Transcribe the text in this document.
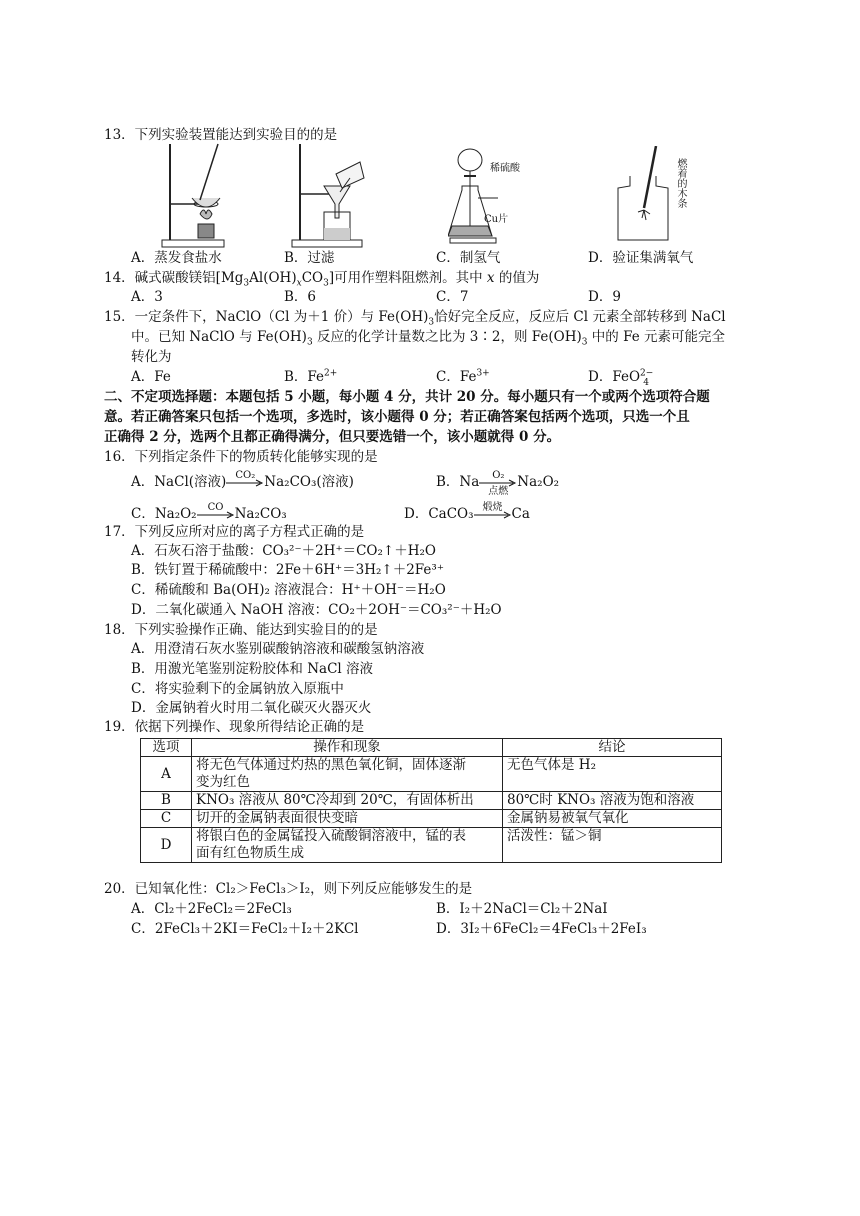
13．下列实验装置能达到实验目的的是
稀硫酸
Cu片
燃着的木条
A．蒸发食盐水	B．过滤	C．制氢气	D．验证集满氧气
14．碱式碳酸镁铝$[Mg_3Al(OH)_xCO_3]$可用作塑料阻燃剂。其中 x 的值为
A．3	B．6	C．7	D．9
15．一定条件下，NaClO（Cl 为＋1 价）与 $Fe(OH)_3$恰好完全反应，反应后 Cl 元素全部转移到 NaCl
中。已知 NaClO 与 $Fe(OH)_3$ 反应的化学计量数之比为 3∶2，则 $Fe(OH)_3$ 中的 Fe 元素可能完全
转化为
A．Fe	B．$Fe^{2+}$	C．$Fe^{3+}$	D．FeO$^{2-}_4$
二、不定项选择题：本题包括 5 小题，每小题 4 分，共计 20 分。每小题只有一个或两个选项符合题
意。若正确答案只包括一个选项，多选时，该小题得 0 分；若正确答案包括两个选项，只选一个且
正确得 2 分，选两个且都正确得满分，但只要选错一个，该小题就得 0 分。
16．下列指定条件下的物质转化能够实现的是
A．NaCl(溶液) CO₂ Na₂CO₃(溶液)	B．Na	O₂
点燃
Na₂O₂
C．Na₂O₂	CO Na₂CO₃	D．CaCO₃ 煅烧 Ca
17．下列反应所对应的离子方程式正确的是
A．石灰石溶于盐酸：CO₃²⁻＋2H⁺＝CO₂↑＋H₂O
B．铁钉置于稀硫酸中：2Fe＋6H⁺＝3H₂↑＋2Fe³⁺
C．稀硫酸和 Ba(OH)₂ 溶液混合：H⁺＋OH⁻＝H₂O
D．二氧化碳通入 NaOH 溶液：CO₂＋2OH⁻＝CO₃²⁻＋H₂O
18．下列实验操作正确、能达到实验目的的是
A．用澄清石灰水鉴别碳酸钠溶液和碳酸氢钠溶液
B．用激光笔鉴别淀粉胶体和 NaCl 溶液
C．将实验剩下的金属钠放入原瓶中
D．金属钠着火时用二氧化碳灭火器灭火
19．依据下列操作、现象所得结论正确的是
选项	操作和现象	结论
A	将无色气体通过灼热的黑色氧化铜，固体逐渐
变为红色	无色气体是 H₂
B	KNO₃ 溶液从 80℃冷却到 20℃，有固体析出	80℃时 KNO₃ 溶液为饱和溶液
C	切开的金属钠表面很快变暗	金属钠易被氧气氧化
D	将银白色的金属锰投入硫酸铜溶液中，锰的表
面有红色物质生成	活泼性：锰＞铜
20．已知氧化性：Cl₂＞FeCl₃＞I₂，则下列反应能够发生的是
A．Cl₂＋2FeCl₂＝2FeCl₃	B．I₂＋2NaCl＝Cl₂＋2NaI
C．2FeCl₃＋2KI＝FeCl₂＋I₂＋2KCl	D．3I₂＋6FeCl₂＝4FeCl₃＋2FeI₃
